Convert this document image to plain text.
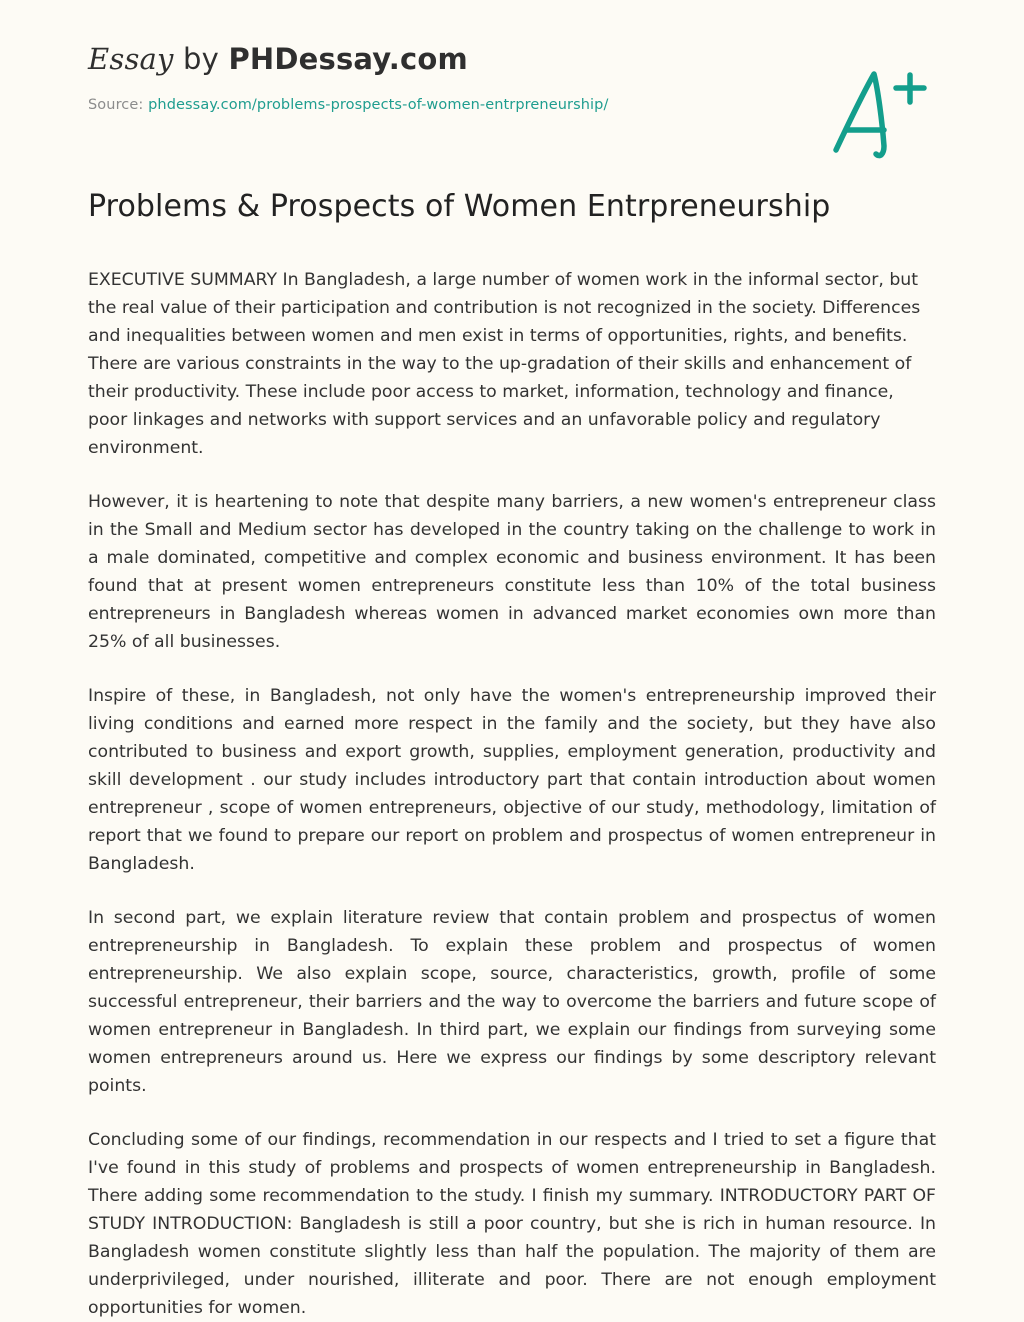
Essay by PHDessay.com
Source: phdessay.com/problems-prospects-of-women-entrpreneurship/
Problems & Prospects of Women Entrpreneurship

EXECUTIVE SUMMARY In Bangladesh, a large number of women work in the informal sector, but the real value of their participation and contribution is not recognized in the society. Differences and inequalities between women and men exist in terms of opportunities, rights, and benefits. There are various constraints in the way to the up-gradation of their skills and enhancement of their productivity. These include poor access to market, information, technology and finance, poor linkages and networks with support services and an unfavorable policy and regulatory environment.

However, it is heartening to note that despite many barriers, a new women's entrepreneur class in the Small and Medium sector has developed in the country taking on the challenge to work in a male dominated, competitive and complex economic and business environment. It has been found that at present women entrepreneurs constitute less than 10% of the total business entrepreneurs in Bangladesh whereas women in advanced market economies own more than 25% of all businesses.

Inspire of these, in Bangladesh, not only have the women's entrepreneurship improved their living conditions and earned more respect in the family and the society, but they have also contributed to business and export growth, supplies, employment generation, productivity and skill development . our study includes introductory part that contain introduction about women entrepreneur , scope of women entrepreneurs, objective of our study, methodology, limitation of report that we found to prepare our report on problem and prospectus of women entrepreneur in Bangladesh.

In second part, we explain literature review that contain problem and prospectus of women entrepreneurship in Bangladesh. To explain these problem and prospectus of women entrepreneurship. We also explain scope, source, characteristics, growth, profile of some successful entrepreneur, their barriers and the way to overcome the barriers and future scope of women entrepreneur in Bangladesh. In third part, we explain our findings from surveying some women entrepreneurs around us. Here we express our findings by some descriptory relevant points.

Concluding some of our findings, recommendation in our respects and I tried to set a figure that I've found in this study of problems and prospects of women entrepreneurship in Bangladesh. There adding some recommendation to the study. I finish my summary. INTRODUCTORY PART OF STUDY INTRODUCTION: Bangladesh is still a poor country, but she is rich in human resource. In Bangladesh women constitute slightly less than half the population. The majority of them are underprivileged, under nourished, illiterate and poor. There are not enough employment opportunities for women.
